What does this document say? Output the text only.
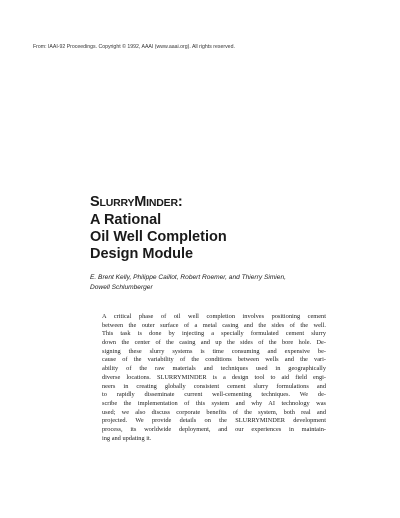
From: IAAI-92 Proceedings. Copyright © 1992, AAAI (www.aaai.org). All rights reserved.
SLURRYMINDER:
A Rational
Oil Well Completion
Design Module
E. Brent Kelly, Philippe Caillot, Robert Roemer, and Thierry Simien,
Dowell Schlumberger
A critical phase of oil well completion involves positioning cement
between the outer surface of a metal casing and the sides of the well.
This task is done by injecting a specially formulated cement slurry
down the center of the casing and up the sides of the bore hole. De-
signing these slurry systems is time consuming and expensive be-
cause of the variability of the conditions between wells and the vari-
ability of the raw materials and techniques used in geographically
diverse locations. SLURRYMINDER is a design tool to aid field engi-
neers in creating globally consistent cement slurry formulations and
to rapidly disseminate current well-cementing techniques. We de-
scribe the implementation of this system and why AI technology was
used; we also discuss corporate benefits of the system, both real and
projected. We provide details on the SLURRYMINDER development
process, its worldwide deployment, and our experiences in maintain-
ing and updating it.
